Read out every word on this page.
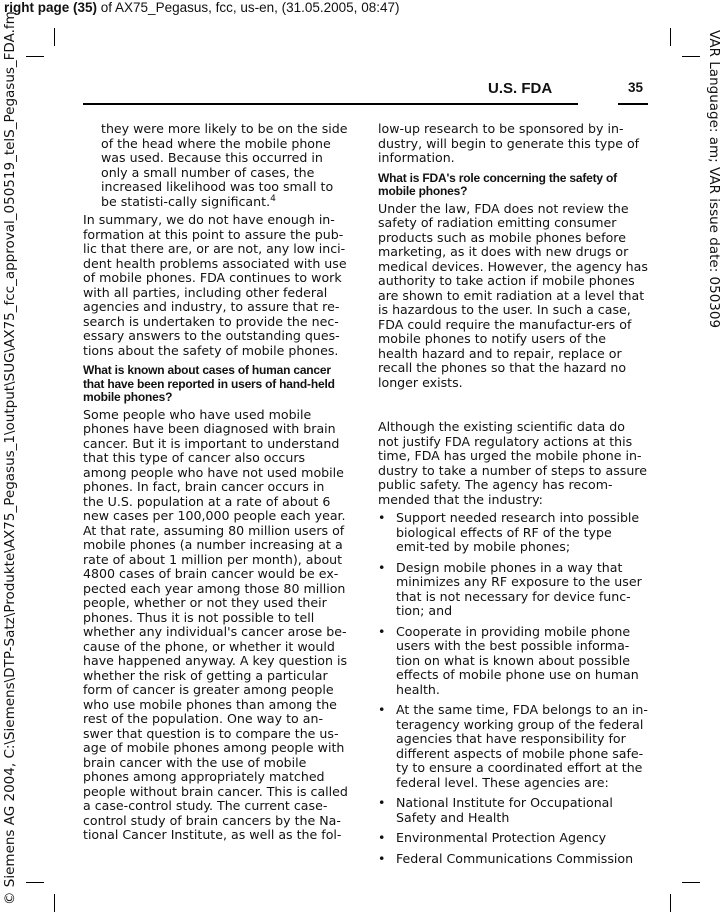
right page (35) of AX75_Pegasus, fcc, us-en, (31.05.2005, 08:47)
© Siemens AG 2004, C:\Siemens\DTP-Satz\Produkte\AX75_Pegasus_1\output\SUG\AX75_fcc_approval_050519_telS_Pegasus_FDA.fm	VAR Language: am; VAR issue date: 050309
U.S. FDA	35

they were more likely to be on the side of the head where the mobile phone was used. Because this occurred in only a small number of cases, the increased likelihood was too small to be statisti-cally significant.$^4$

In summary, we do not have enough in-formation at this point to assure the pub-lic that there are, or are not, any low inci-dent health problems associated with use of mobile phones. FDA continues to work with all parties, including other federal agencies and industry, to assure that re-search is undertaken to provide the nec-essary answers to the outstanding ques-tions about the safety of mobile phones.

What is known about cases of human cancer that have been reported in users of hand-held mobile phones?

Some people who have used mobile phones have been diagnosed with brain cancer. But it is important to understand that this type of cancer also occurs among people who have not used mobile phones. In fact, brain cancer occurs in the U.S. population at a rate of about 6 new cases per 100,000 people each year. At that rate, assuming 80 million users of mobile phones (a number increasing at a rate of about 1 million per month), about 4800 cases of brain cancer would be ex-pected each year among those 80 million people, whether or not they used their phones. Thus it is not possible to tell whether any individual's cancer arose be-cause of the phone, or whether it would have happened anyway. A key question is whether the risk of getting a particular form of cancer is greater among people who use mobile phones than among the rest of the population. One way to an-swer that question is to compare the us-age of mobile phones among people with brain cancer with the use of mobile phones among appropriately matched people without brain cancer. This is called a case-control study. The current case-control study of brain cancers by the Na-tional Cancer Institute, as well as the fol-

low-up research to be sponsored by in-dustry, will begin to generate this type of information.

What is FDA's role concerning the safety of mobile phones?

Under the law, FDA does not review the safety of radiation emitting consumer products such as mobile phones before marketing, as it does with new drugs or medical devices. However, the agency has authority to take action if mobile phones are shown to emit radiation at a level that is hazardous to the user. In such a case, FDA could require the manufactur-ers of mobile phones to notify users of the health hazard and to repair, replace or recall the phones so that the hazard no longer exists.

Although the existing scientific data do not justify FDA regulatory actions at this time, FDA has urged the mobile phone in-dustry to take a number of steps to assure public safety. The agency has recom-mended that the industry:

• Support needed research into possible biological effects of RF of the type emit-ted by mobile phones;
• Design mobile phones in a way that minimizes any RF exposure to the user that is not necessary for device func-tion; and
• Cooperate in providing mobile phone users with the best possible informa-tion on what is known about possible effects of mobile phone use on human health.
• At the same time, FDA belongs to an in-teragency working group of the federal agencies that have responsibility for different aspects of mobile phone safe-ty to ensure a coordinated effort at the federal level. These agencies are:
• National Institute for Occupational Safety and Health
• Environmental Protection Agency
• Federal Communications Commission
